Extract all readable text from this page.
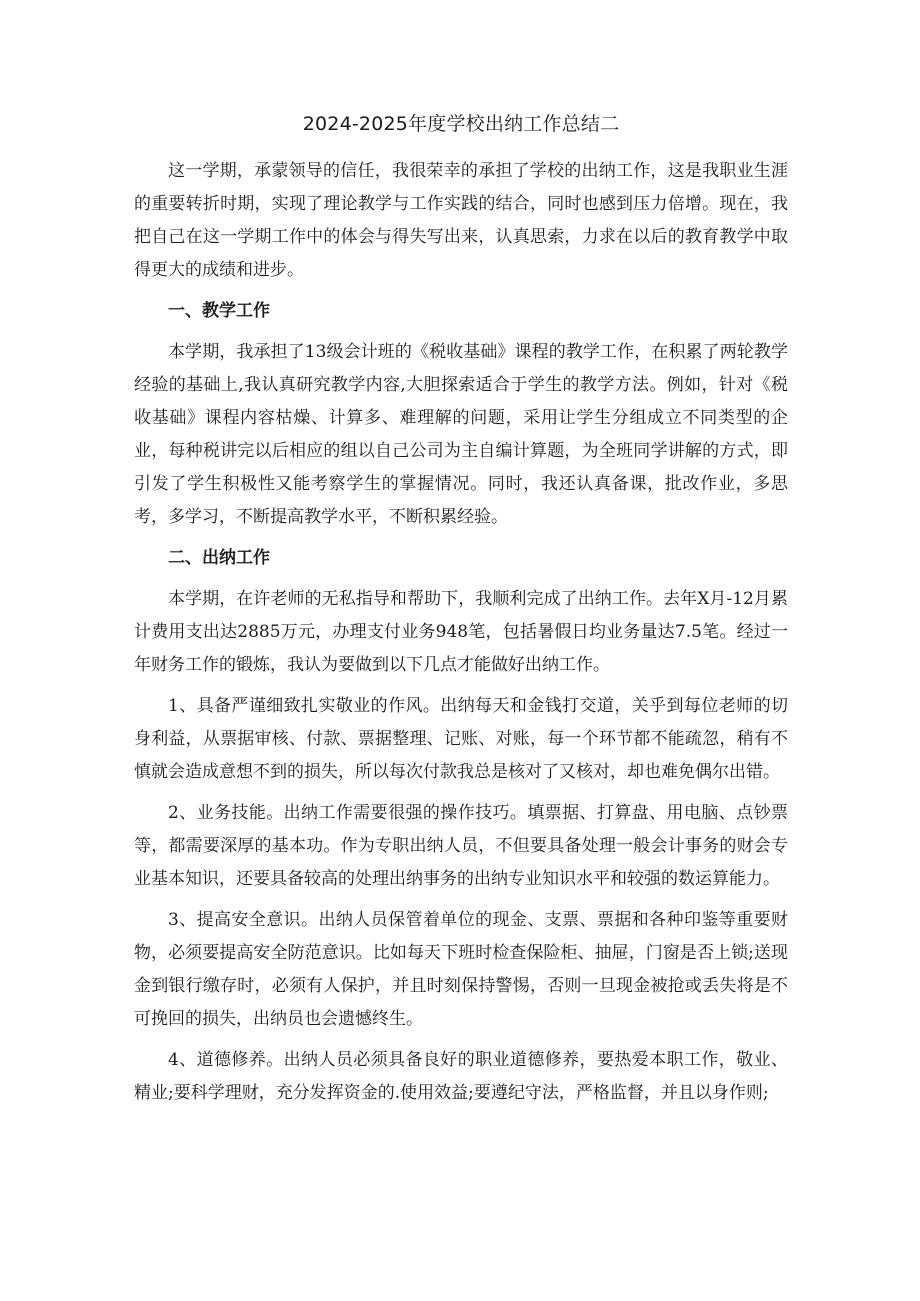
2024-2025年度学校出纳工作总结二

这一学期，承蒙领导的信任，我很荣幸的承担了学校的出纳工作，这是我职业生涯的重要转折时期，实现了理论教学与工作实践的结合，同时也感到压力倍增。现在，我把自己在这一学期工作中的体会与得失写出来，认真思索，力求在以后的教育教学中取得更大的成绩和进步。

一、教学工作

本学期，我承担了13级会计班的《税收基础》课程的教学工作，在积累了两轮教学经验的基础上,我认真研究教学内容,大胆探索适合于学生的教学方法。例如，针对《税收基础》课程内容枯燥、计算多、难理解的问题，采用让学生分组成立不同类型的企业，每种税讲完以后相应的组以自己公司为主自编计算题，为全班同学讲解的方式，即引发了学生积极性又能考察学生的掌握情况。同时，我还认真备课，批改作业，多思考，多学习，不断提高教学水平，不断积累经验。

二、出纳工作

本学期，在许老师的无私指导和帮助下，我顺利完成了出纳工作。去年X月-12月累计费用支出达2885万元，办理支付业务948笔，包括暑假日均业务量达7.5笔。经过一年财务工作的锻炼，我认为要做到以下几点才能做好出纳工作。

1、具备严谨细致扎实敬业的作风。出纳每天和金钱打交道，关乎到每位老师的切身利益，从票据审核、付款、票据整理、记账、对账，每一个环节都不能疏忽，稍有不慎就会造成意想不到的损失，所以每次付款我总是核对了又核对，却也难免偶尔出错。

2、业务技能。出纳工作需要很强的操作技巧。填票据、打算盘、用电脑、点钞票等，都需要深厚的基本功。作为专职出纳人员，不但要具备处理一般会计事务的财会专业基本知识，还要具备较高的处理出纳事务的出纳专业知识水平和较强的数运算能力。

3、提高安全意识。出纳人员保管着单位的现金、支票、票据和各种印鉴等重要财物，必须要提高安全防范意识。比如每天下班时检查保险柜、抽屉，门窗是否上锁;送现金到银行缴存时，必须有人保护，并且时刻保持警惕，否则一旦现金被抢或丢失将是不可挽回的损失，出纳员也会遗憾终生。

4、道德修养。出纳人员必须具备良好的职业道德修养，要热爱本职工作，敬业、精业;要科学理财，充分发挥资金的.使用效益;要遵纪守法，严格监督，并且以身作则;
